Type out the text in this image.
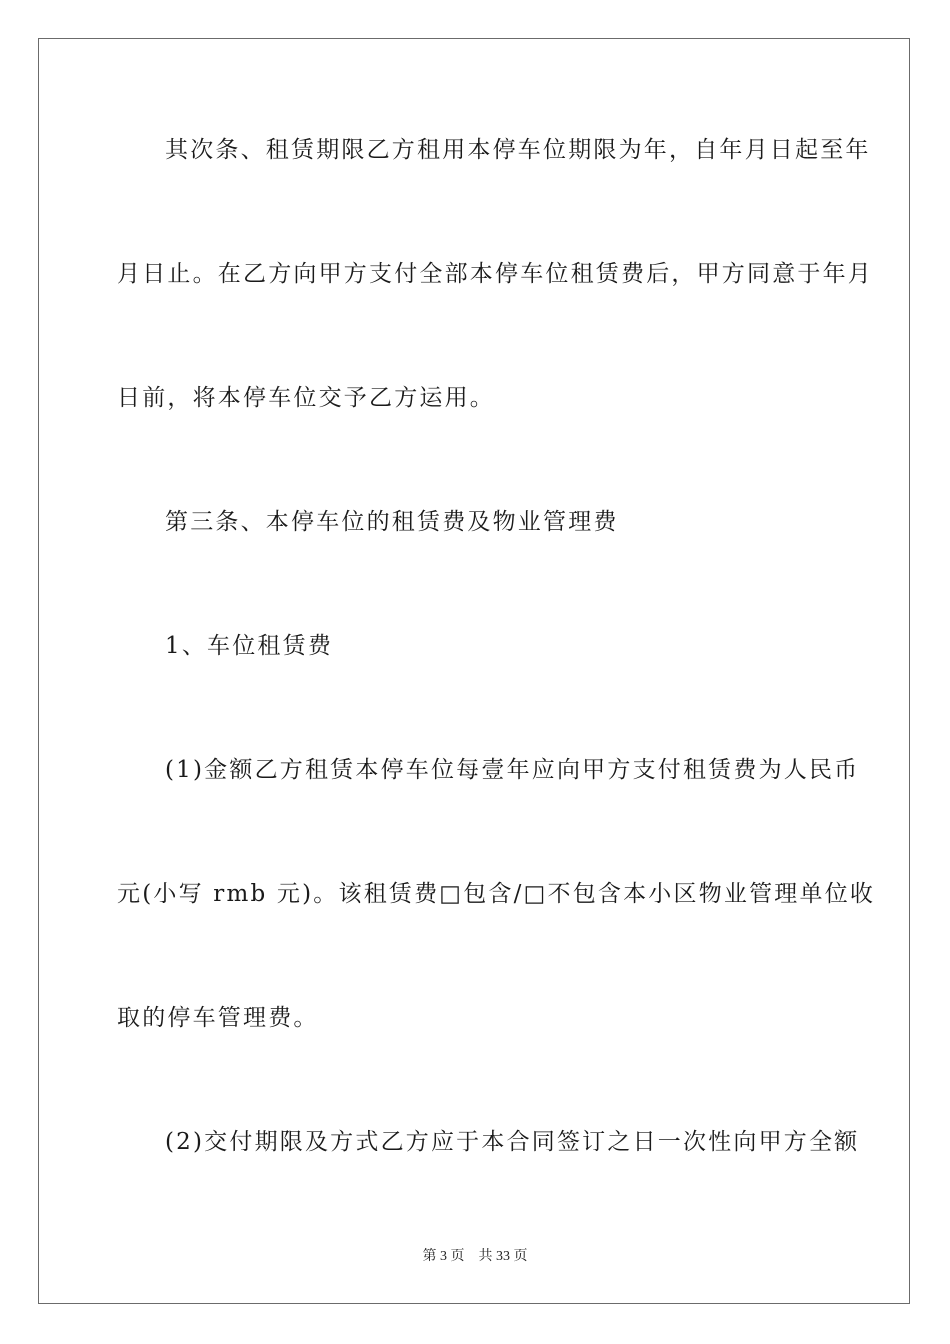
其次条、租赁期限乙方租用本停车位期限为年，自年月日起至年
月日止。在乙方向甲方支付全部本停车位租赁费后，甲方同意于年月
日前，将本停车位交予乙方运用。
第三条、本停车位的租赁费及物业管理费
1、车位租赁费
(1)金额乙方租赁本停车位每壹年应向甲方支付租赁费为人民币
元(小写 rmb 元)。该租赁费□包含/□不包含本小区物业管理单位收
取的停车管理费。
(2)交付期限及方式乙方应于本合同签订之日一次性向甲方全额
第 3 页 共 33 页
